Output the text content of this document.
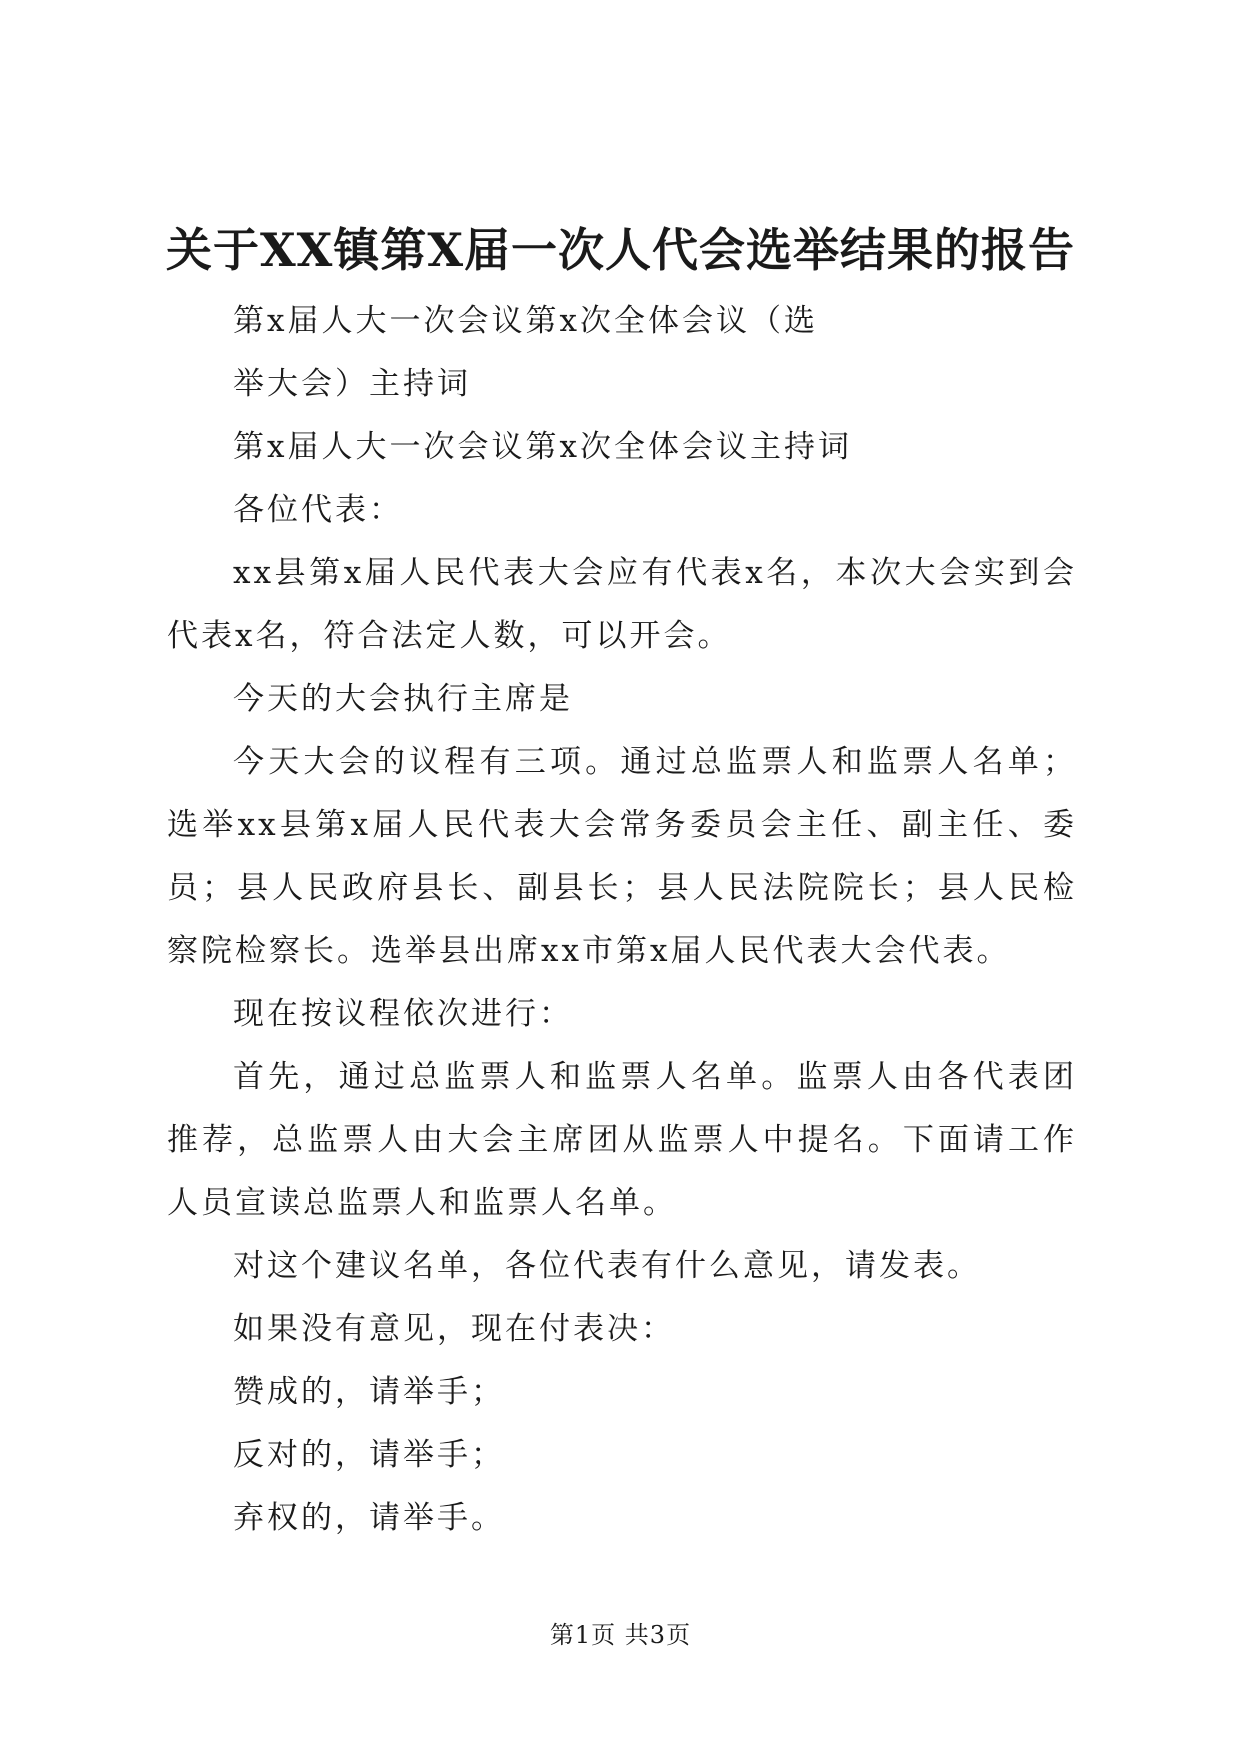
关于XX镇第X届一次人代会选举结果的报告

第x届人大一次会议第x次全体会议（选

举大会）主持词

第x届人大一次会议第x次全体会议主持词

各位代表：

xx县第x届人民代表大会应有代表x名，本次大会实到会代表x名，符合法定人数，可以开会。

今天的大会执行主席是

今天大会的议程有三项。通过总监票人和监票人名单；选举xx县第x届人民代表大会常务委员会主任、副主任、委员；县人民政府县长、副县长；县人民法院院长；县人民检察院检察长。选举县出席xx市第x届人民代表大会代表。

现在按议程依次进行：

首先，通过总监票人和监票人名单。监票人由各代表团推荐，总监票人由大会主席团从监票人中提名。下面请工作人员宣读总监票人和监票人名单。

对这个建议名单，各位代表有什么意见，请发表。

如果没有意见，现在付表决：

赞成的，请举手；

反对的，请举手；

弃权的，请举手。

第1页 共3页
